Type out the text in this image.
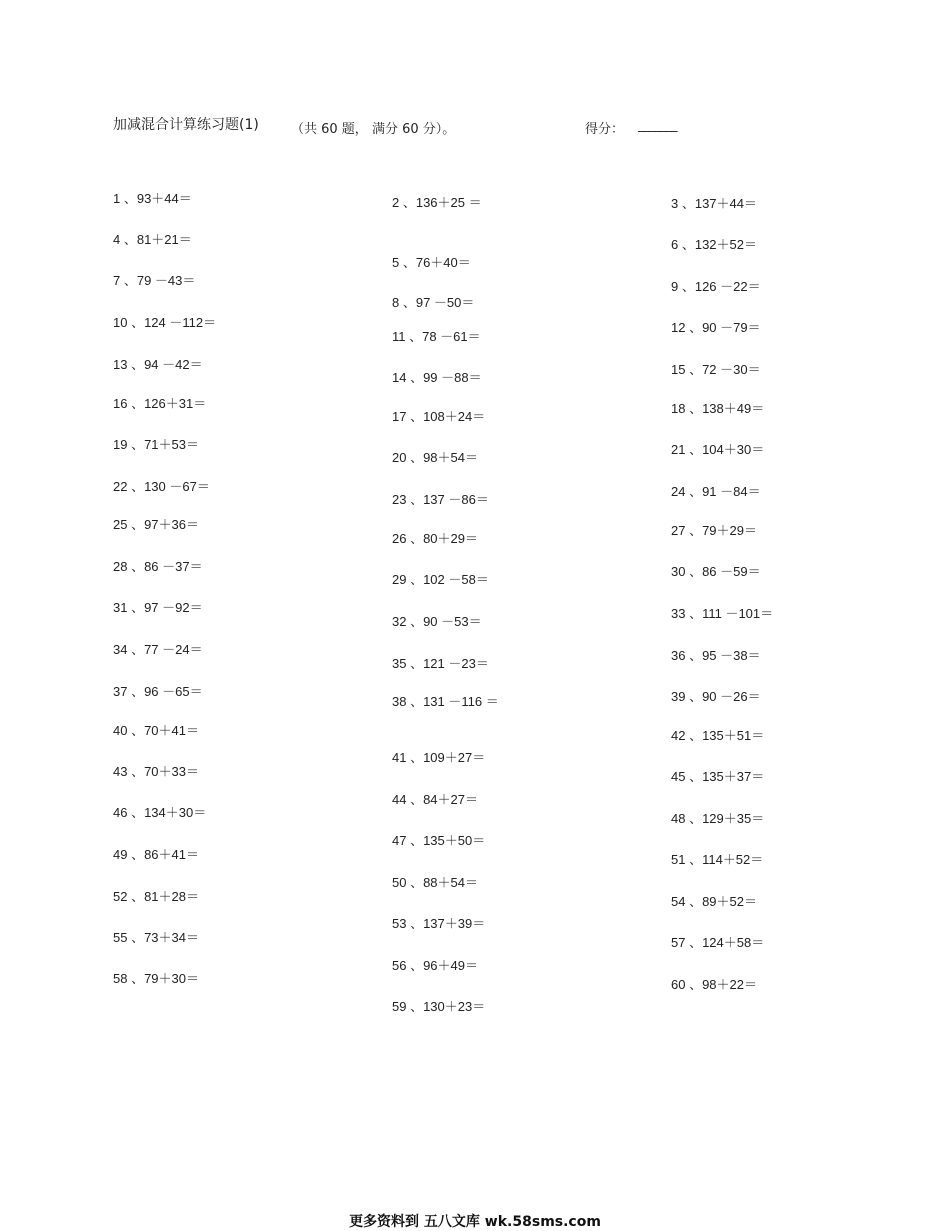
加减混合计算练习题(1) （共 60 题， 满分 60 分）。	得分： _______
1 、93＋44＝
4 、81＋21＝
7 、79 －43＝
10 、124 －112＝
13 、94 －42＝
16 、126＋31＝
19 、71＋53＝
22 、130 －67＝
25 、97＋36＝
28 、86 －37＝
31 、97 －92＝
34 、77 －24＝
37 、96 －65＝
40 、70＋41＝
43 、70＋33＝
46 、134＋30＝
49 、86＋41＝
52 、81＋28＝
55 、73＋34＝
58 、79＋30＝
2 、136＋25 ＝
5 、76＋40＝
8 、97 －50＝
11 、78 －61＝
14 、99 －88＝
17 、108＋24＝
20 、98＋54＝
23 、137 －86＝
26 、80＋29＝
29 、102 －58＝
32 、90 －53＝
35 、121 －23＝
38 、131 －116 ＝
41 、109＋27＝
44 、84＋27＝
47 、135＋50＝
50 、88＋54＝
53 、137＋39＝
56 、96＋49＝
59 、130＋23＝
3 、137＋44＝
6 、132＋52＝
9 、126 －22＝
12 、90 －79＝
15 、72 －30＝
18 、138＋49＝
21 、104＋30＝
24 、91 －84＝
27 、79＋29＝
30 、86 －59＝
33 、111 －101＝
36 、95 －38＝
39 、90 －26＝
42 、135＋51＝
45 、135＋37＝
48 、129＋35＝
51 、114＋52＝
54 、89＋52＝
57 、124＋58＝
60 、98＋22＝
更多资料到 五八文库 wk.58sms.com
